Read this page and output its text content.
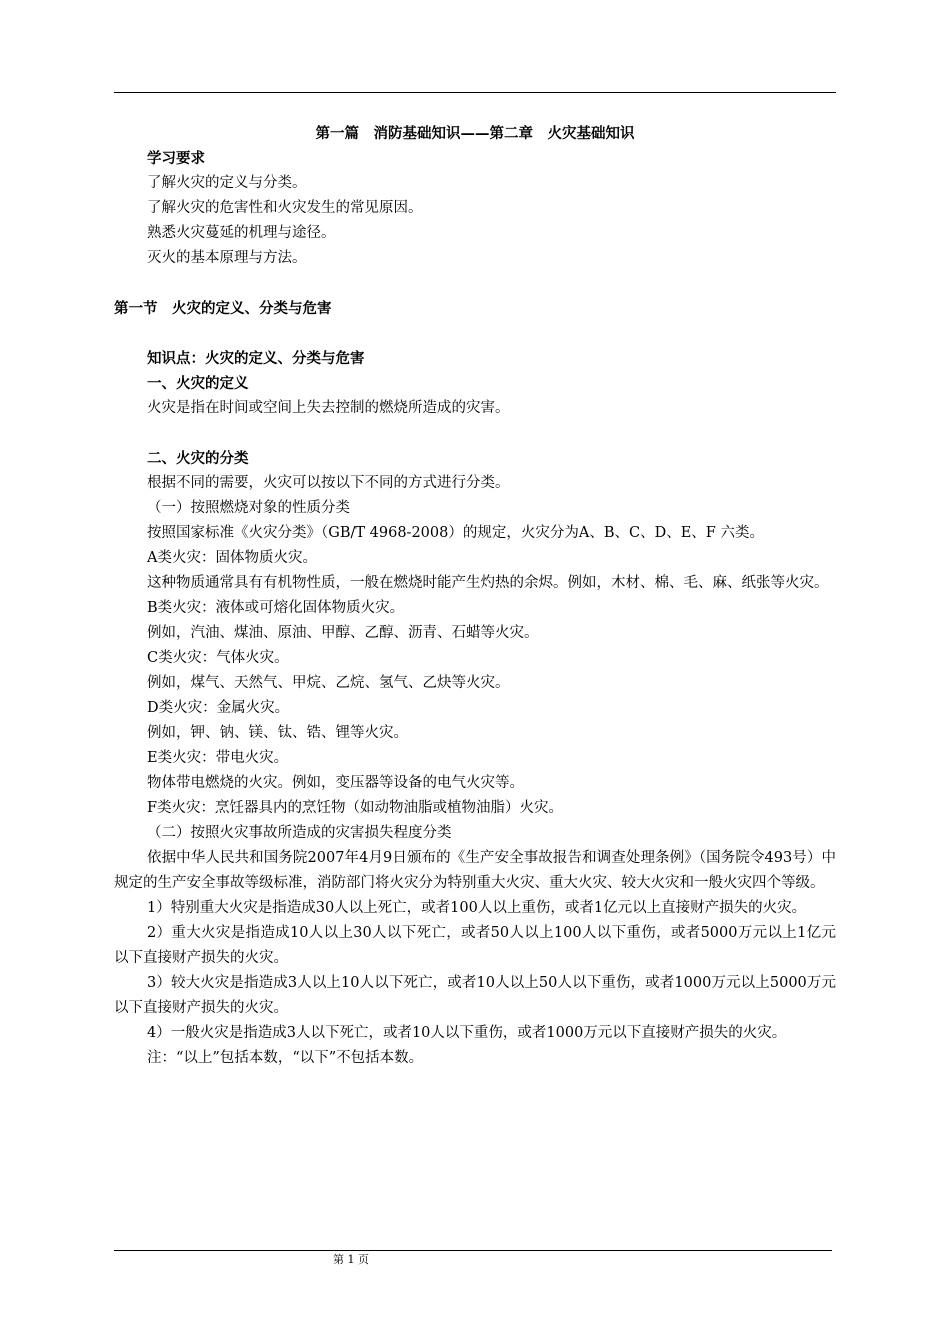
第一篇　消防基础知识——第二章　火灾基础知识

学习要求

了解火灾的定义与分类。

了解火灾的危害性和火灾发生的常见原因。

熟悉火灾蔓延的机理与途径。

灭火的基本原理与方法。

第一节　火灾的定义、分类与危害

知识点：火灾的定义、分类与危害

一、火灾的定义

火灾是指在时间或空间上失去控制的燃烧所造成的灾害。

二、火灾的分类

根据不同的需要，火灾可以按以下不同的方式进行分类。

（一）按照燃烧对象的性质分类

按照国家标准《火灾分类》（GB/T 4968-2008）的规定，火灾分为A、B、C、D、E、F 六类。

A类火灾：固体物质火灾。

这种物质通常具有有机物性质，一般在燃烧时能产生灼热的余烬。例如，木材、棉、毛、麻、纸张等火灾。

B类火灾：液体或可熔化固体物质火灾。

例如，汽油、煤油、原油、甲醇、乙醇、沥青、石蜡等火灾。

C类火灾：气体火灾。

例如，煤气、天然气、甲烷、乙烷、氢气、乙炔等火灾。

D类火灾：金属火灾。

例如，钾、钠、镁、钛、锆、锂等火灾。

E类火灾：带电火灾。

物体带电燃烧的火灾。例如，变压器等设备的电气火灾等。

F类火灾：烹饪器具内的烹饪物（如动物油脂或植物油脂）火灾。

（二）按照火灾事故所造成的灾害损失程度分类

依据中华人民共和国务院2007年4月9日颁布的《生产安全事故报告和调查处理条例》（国务院令493号）中规定的生产安全事故等级标准，消防部门将火灾分为特别重大火灾、重大火灾、较大火灾和一般火灾四个等级。

1）特别重大火灾是指造成30人以上死亡，或者100人以上重伤，或者1亿元以上直接财产损失的火灾。

2）重大火灾是指造成10人以上30人以下死亡，或者50人以上100人以下重伤，或者5000万元以上1亿元以下直接财产损失的火灾。

3）较大火灾是指造成3人以上10人以下死亡，或者10人以上50人以下重伤，或者1000万元以上5000万元以下直接财产损失的火灾。

4）一般火灾是指造成3人以下死亡，或者10人以下重伤，或者1000万元以下直接财产损失的火灾。

注：“以上”包括本数，“以下”不包括本数。

第 1 页
